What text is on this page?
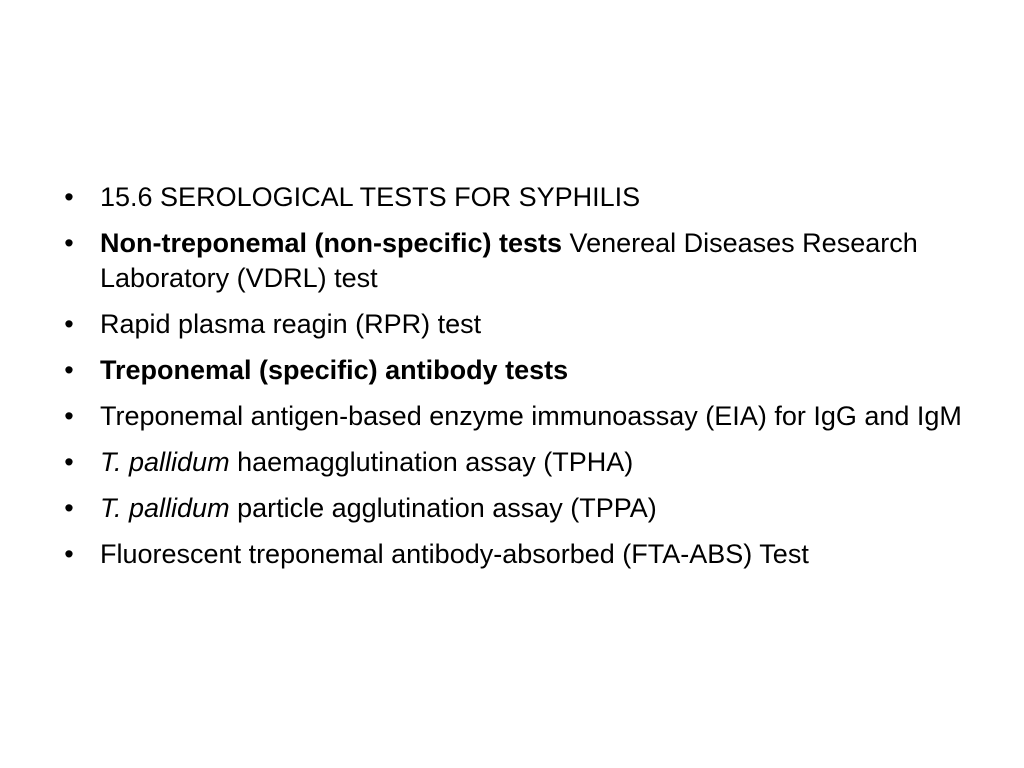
• 15.6 SEROLOGICAL TESTS FOR SYPHILIS
• Non-treponemal (non-specific) tests Venereal Diseases Research Laboratory (VDRL) test
• Rapid plasma reagin (RPR) test
• Treponemal (specific) antibody tests
• Treponemal antigen-based enzyme immunoassay (EIA) for IgG and IgM
• T. pallidum haemagglutination assay (TPHA)
• T. pallidum particle agglutination assay (TPPA)
• Fluorescent treponemal antibody-absorbed (FTA-ABS) Test
